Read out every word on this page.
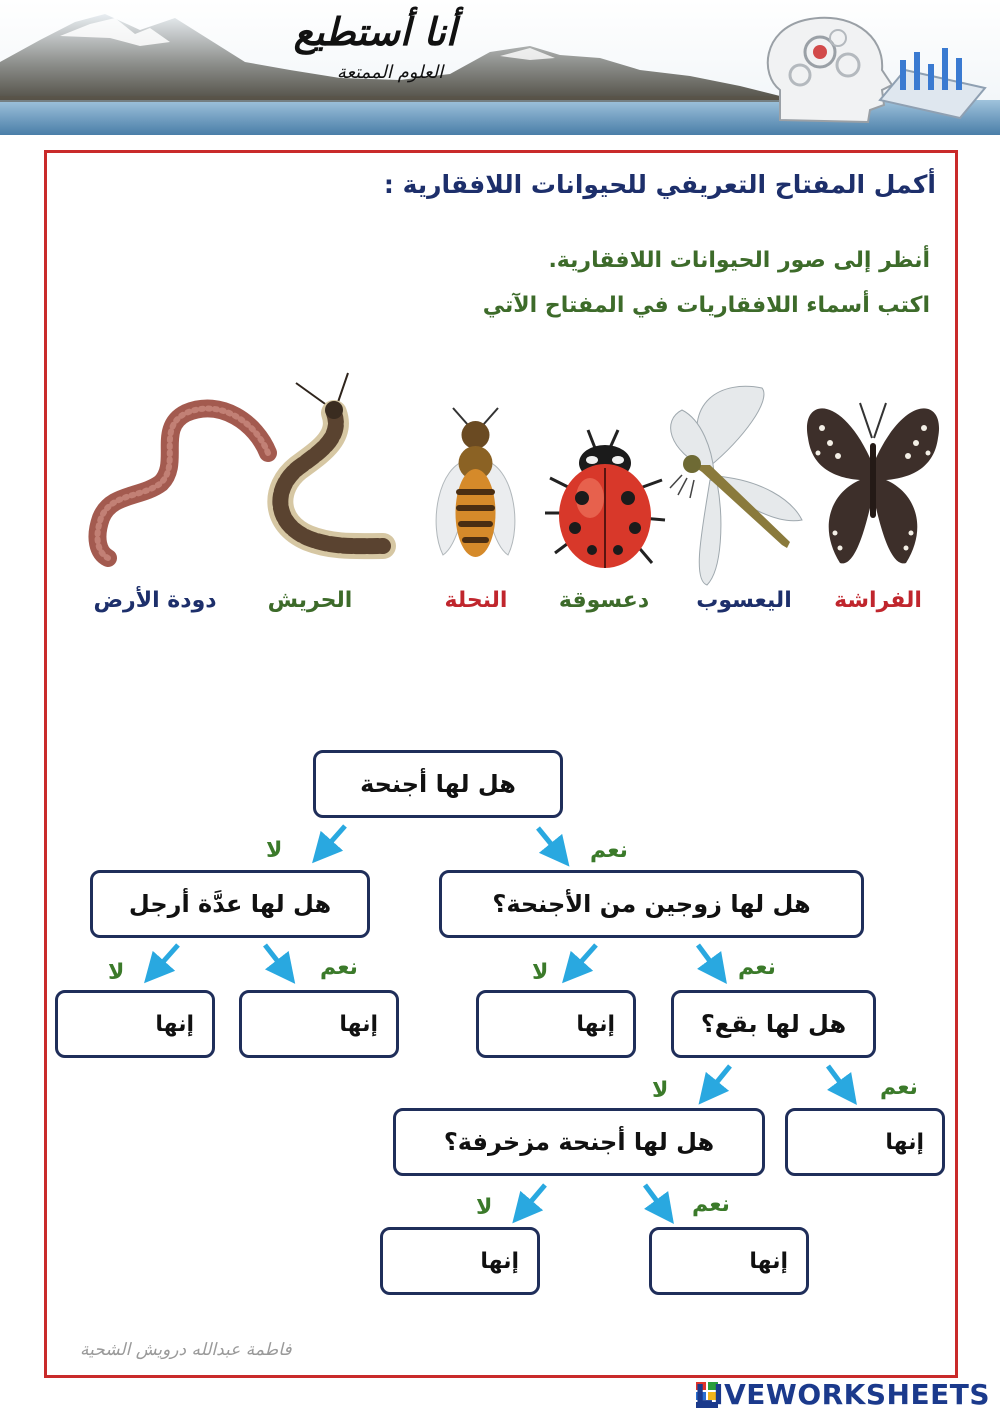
أنا أستطيع
العلوم الممتعة
أكمل المفتاح التعريفي للحيوانات اللافقارية :
أنظر إلى صور الحيوانات اللافقارية.
اكتب أسماء اللافقاريات في المفتاح الآتي
الفراشة
اليعسوب
دعسوقة
النحلة
الحريش
دودة الأرض
هل لها أجنحة
نعم
لا
هل لها زوجين من الأجنحة؟
هل لها عدَّة أرجل
نعم
لا
نعم
لا
هل لها بقع؟
إنها
إنها
إنها
نعم
لا
إنها
هل لها أجنحة مزخرفة؟
نعم
لا
إنها
إنها
فاطمة عبدالله درويش الشحية
LIVEWORKSHEETS
